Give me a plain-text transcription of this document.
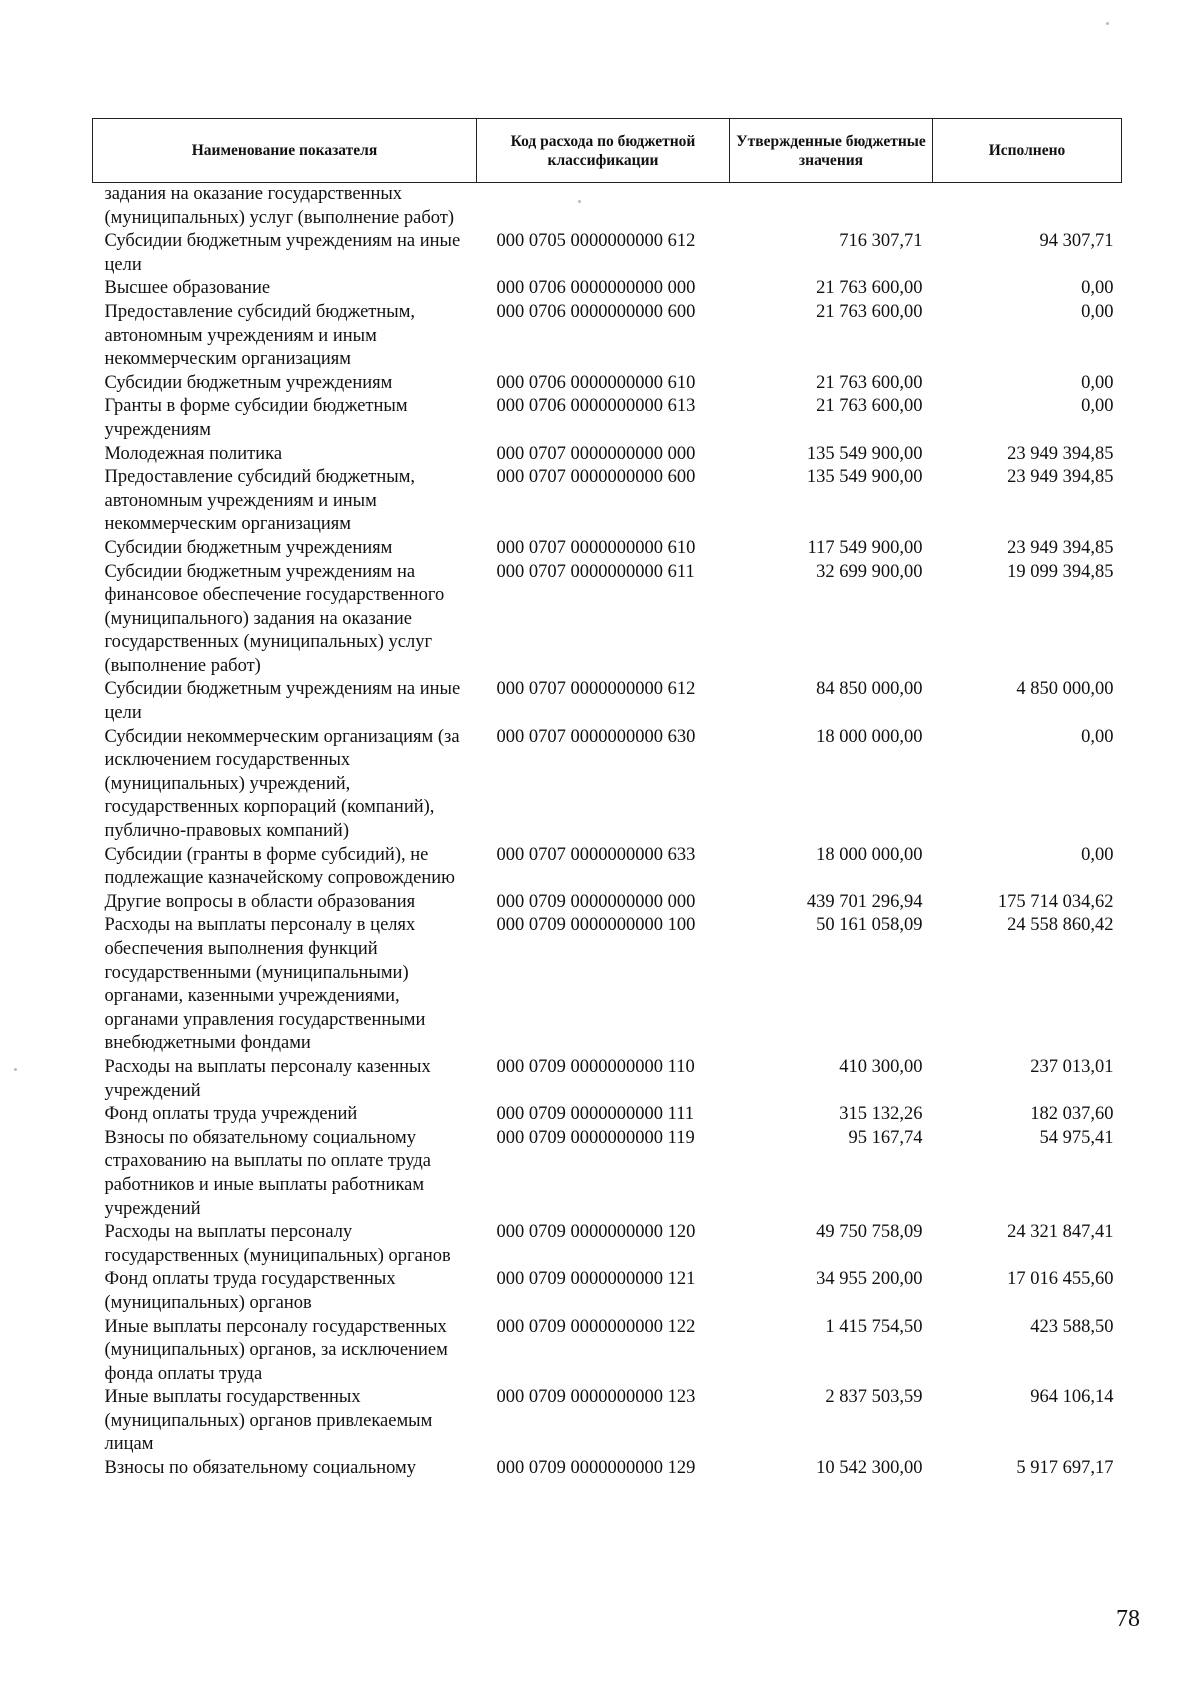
Наименование показателя	Код расхода по бюджетной классификации	Утвержденные бюджетные значения	Исполнено
задания на оказание государственных (муниципальных) услуг (выполнение работ)			
Субсидии бюджетным учреждениям на иные цели	000 0705 0000000000 612	716 307,71	94 307,71
Высшее образование	000 0706 0000000000 000	21 763 600,00	0,00
Предоставление субсидий бюджетным, автономным учреждениям и иным некоммерческим организациям	000 0706 0000000000 600	21 763 600,00	0,00
Субсидии бюджетным учреждениям	000 0706 0000000000 610	21 763 600,00	0,00
Гранты в форме субсидии бюджетным учреждениям	000 0706 0000000000 613	21 763 600,00	0,00
Молодежная политика	000 0707 0000000000 000	135 549 900,00	23 949 394,85
Предоставление субсидий бюджетным, автономным учреждениям и иным некоммерческим организациям	000 0707 0000000000 600	135 549 900,00	23 949 394,85
Субсидии бюджетным учреждениям	000 0707 0000000000 610	117 549 900,00	23 949 394,85
Субсидии бюджетным учреждениям на финансовое обеспечение государственного (муниципального) задания на оказание государственных (муниципальных) услуг (выполнение работ)	000 0707 0000000000 611	32 699 900,00	19 099 394,85
Субсидии бюджетным учреждениям на иные цели	000 0707 0000000000 612	84 850 000,00	4 850 000,00
Субсидии некоммерческим организациям (за исключением государственных (муниципальных) учреждений, государственных корпораций (компаний), публично-правовых компаний)	000 0707 0000000000 630	18 000 000,00	0,00
Субсидии (гранты в форме субсидий), не подлежащие казначейскому сопровождению	000 0707 0000000000 633	18 000 000,00	0,00
Другие вопросы в области образования	000 0709 0000000000 000	439 701 296,94	175 714 034,62
Расходы на выплаты персоналу в целях обеспечения выполнения функций государственными (муниципальными) органами, казенными учреждениями, органами управления государственными внебюджетными фондами	000 0709 0000000000 100	50 161 058,09	24 558 860,42
Расходы на выплаты персоналу казенных учреждений	000 0709 0000000000 110	410 300,00	237 013,01
Фонд оплаты труда учреждений	000 0709 0000000000 111	315 132,26	182 037,60
Взносы по обязательному социальному страхованию на выплаты по оплате труда работников и иные выплаты работникам учреждений	000 0709 0000000000 119	95 167,74	54 975,41
Расходы на выплаты персоналу государственных (муниципальных) органов	000 0709 0000000000 120	49 750 758,09	24 321 847,41
Фонд оплаты труда государственных (муниципальных) органов	000 0709 0000000000 121	34 955 200,00	17 016 455,60
Иные выплаты персоналу государственных (муниципальных) органов, за исключением фонда оплаты труда	000 0709 0000000000 122	1 415 754,50	423 588,50
Иные выплаты государственных (муниципальных) органов привлекаемым лицам	000 0709 0000000000 123	2 837 503,59	964 106,14
Взносы по обязательному социальному	000 0709 0000000000 129	10 542 300,00	5 917 697,17
78
